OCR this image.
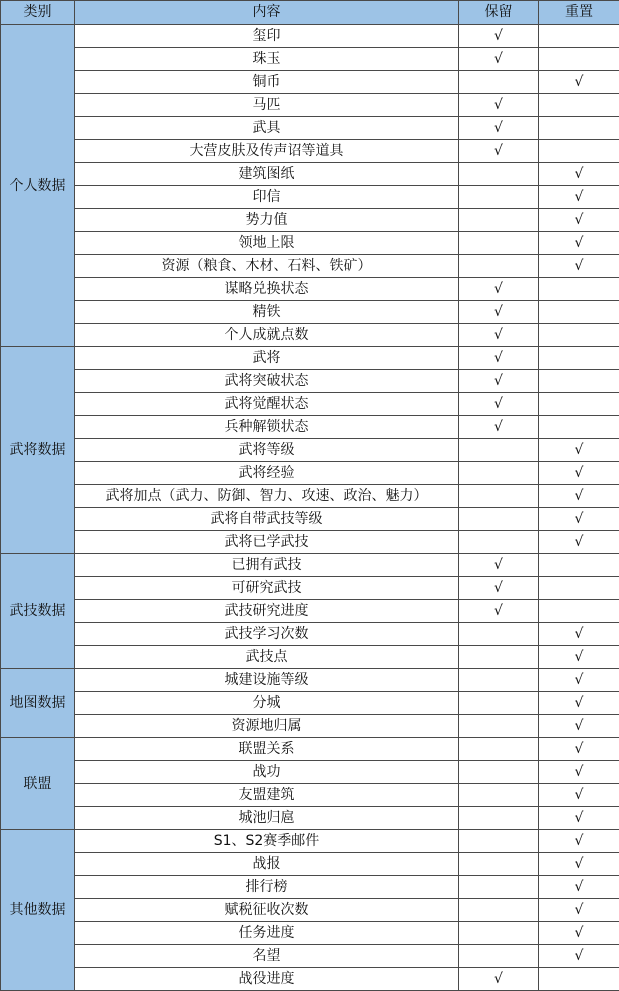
类别	内容	保留	重置
个人数据	玺印	√	
	珠玉	√	
	铜币		√
	马匹	√	
	武具	√	
	大营皮肤及传声诏等道具	√	
	建筑图纸		√
	印信		√
	势力值		√
	领地上限		√
	资源（粮食、木材、石料、铁矿）		√
	谋略兑换状态	√	
	精铁	√	
	个人成就点数	√	
武将数据	武将	√	
	武将突破状态	√	
	武将觉醒状态	√	
	兵种解锁状态	√	
	武将等级		√
	武将经验		√
	武将加点（武力、防御、智力、攻速、政治、魅力）		√
	武将自带武技等级		√
	武将已学武技		√
武技数据	已拥有武技	√	
	可研究武技	√	
	武技研究进度	√	
	武技学习次数		√
	武技点		√
地图数据	城建设施等级		√
	分城		√
	资源地归属		√
联盟	联盟关系		√
	战功		√
	友盟建筑		√
	城池归扈		√
其他数据	S1、S2赛季邮件		√
	战报		√
	排行榜		√
	赋税征收次数		√
	任务进度		√
	名望		√
	战役进度	√	
